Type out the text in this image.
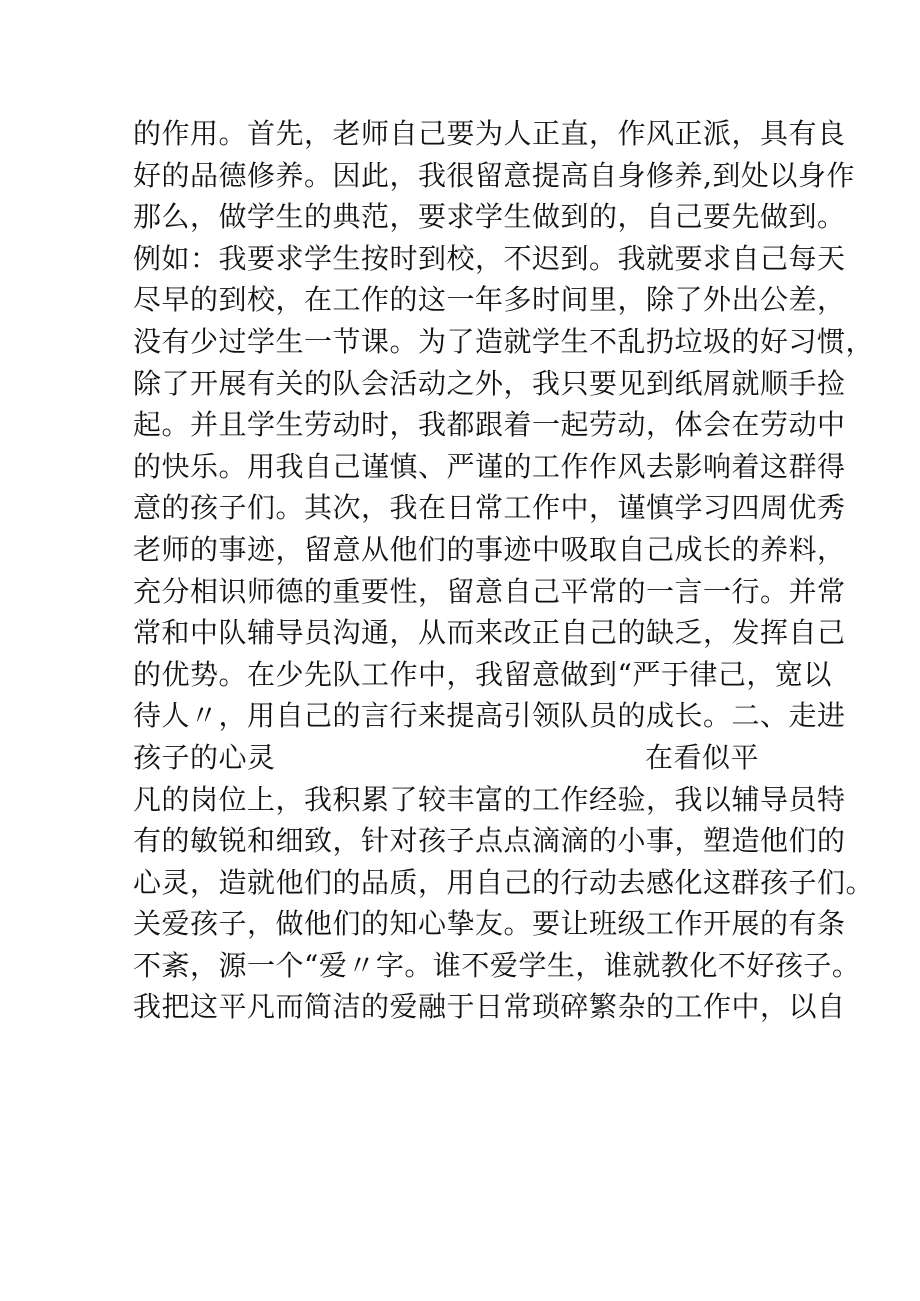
的作用。首先，老师自己要为人正直，作风正派，具有良
好的品德修养。因此，我很留意提高自身修养,到处以身作
那么，做学生的典范，要求学生做到的，自己要先做到。
例如：我要求学生按时到校，不迟到。我就要求自己每天
尽早的到校，在工作的这一年多时间里，除了外出公差，
没有少过学生一节课。为了造就学生不乱扔垃圾的好习惯，
除了开展有关的队会活动之外，我只要见到纸屑就顺手捡
起。并且学生劳动时，我都跟着一起劳动，体会在劳动中
的快乐。用我自己谨慎、严谨的工作作风去影响着这群得
意的孩子们。其次，我在日常工作中，谨慎学习四周优秀
老师的事迹，留意从他们的事迹中吸取自己成长的养料，
充分相识师德的重要性，留意自己平常的一言一行。并常
常和中队辅导员沟通，从而来改正自己的缺乏，发挥自己
的优势。在少先队工作中，我留意做到“严于律己，宽以
待人〃，用自己的言行来提高引领队员的成长。二、走进
孩子的心灵	在看似平
凡的岗位上，我积累了较丰富的工作经验，我以辅导员特
有的敏锐和细致，针对孩子点点滴滴的小事，塑造他们的
心灵，造就他们的品质，用自己的行动去感化这群孩子们。
关爱孩子，做他们的知心挚友。要让班级工作开展的有条
不紊，源一个“爱〃字。谁不爱学生，谁就教化不好孩子。
我把这平凡而简洁的爱融于日常琐碎繁杂的工作中，以自
